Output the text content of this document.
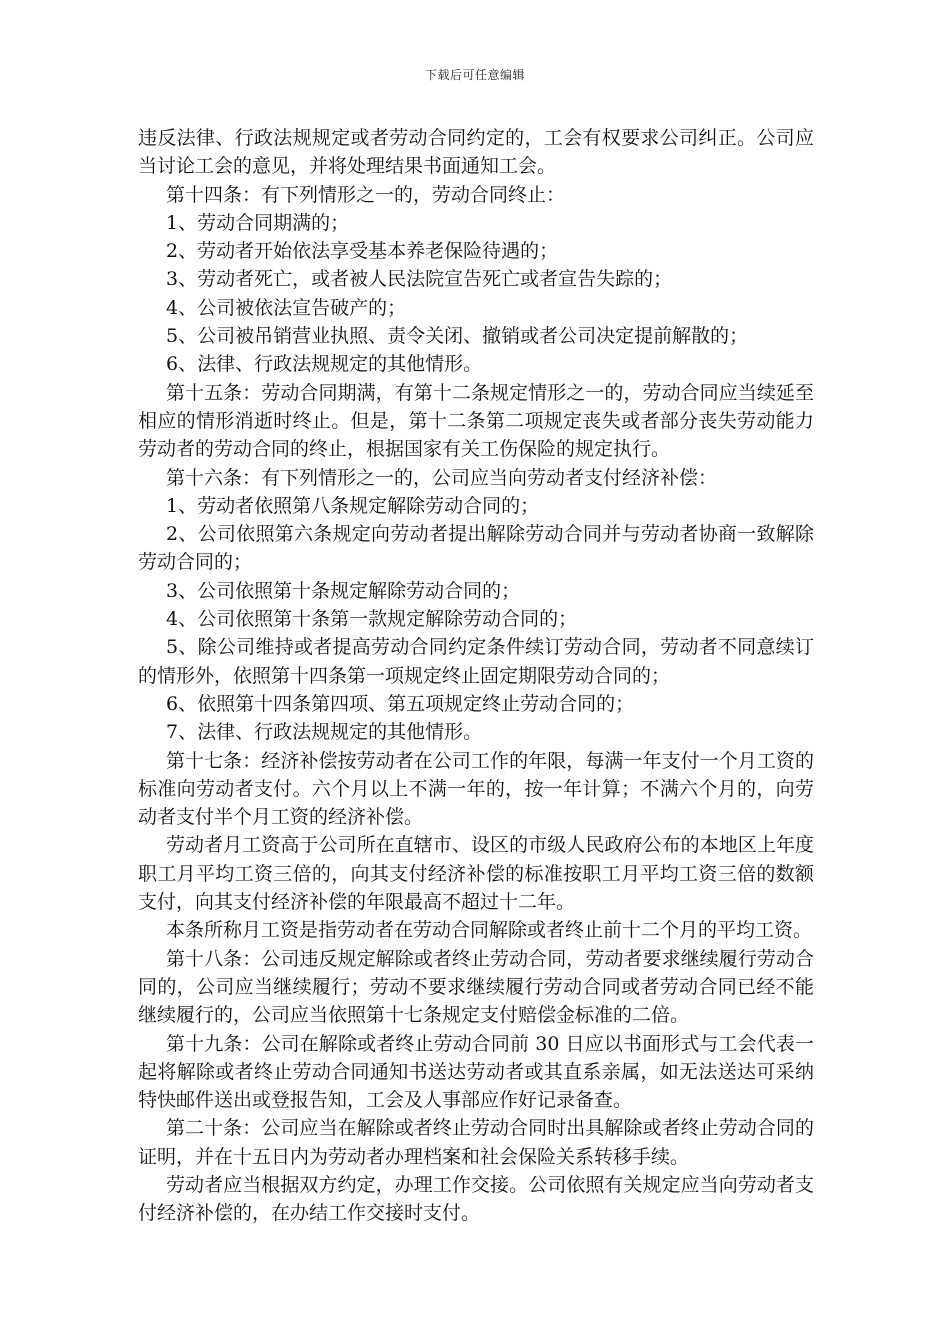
下载后可任意编辑

违反法律、行政法规规定或者劳动合同约定的，工会有权要求公司纠正。公司应当讨论工会的意见，并将处理结果书面通知工会。

第十四条：有下列情形之一的，劳动合同终止：

1、劳动合同期满的；

2、劳动者开始依法享受基本养老保险待遇的；

3、劳动者死亡，或者被人民法院宣告死亡或者宣告失踪的；

4、公司被依法宣告破产的；

5、公司被吊销营业执照、责令关闭、撤销或者公司决定提前解散的；

6、法律、行政法规规定的其他情形。

第十五条：劳动合同期满，有第十二条规定情形之一的，劳动合同应当续延至相应的情形消逝时终止。但是，第十二条第二项规定丧失或者部分丧失劳动能力劳动者的劳动合同的终止，根据国家有关工伤保险的规定执行。

第十六条：有下列情形之一的，公司应当向劳动者支付经济补偿：

1、劳动者依照第八条规定解除劳动合同的；

2、公司依照第六条规定向劳动者提出解除劳动合同并与劳动者协商一致解除劳动合同的；

3、公司依照第十条规定解除劳动合同的；

4、公司依照第十条第一款规定解除劳动合同的；

5、除公司维持或者提高劳动合同约定条件续订劳动合同，劳动者不同意续订的情形外，依照第十四条第一项规定终止固定期限劳动合同的；

6、依照第十四条第四项、第五项规定终止劳动合同的；

7、法律、行政法规规定的其他情形。

第十七条：经济补偿按劳动者在公司工作的年限，每满一年支付一个月工资的标准向劳动者支付。六个月以上不满一年的，按一年计算；不满六个月的，向劳动者支付半个月工资的经济补偿。

劳动者月工资高于公司所在直辖市、设区的市级人民政府公布的本地区上年度职工月平均工资三倍的，向其支付经济补偿的标准按职工月平均工资三倍的数额支付，向其支付经济补偿的年限最高不超过十二年。

本条所称月工资是指劳动者在劳动合同解除或者终止前十二个月的平均工资。

第十八条：公司违反规定解除或者终止劳动合同，劳动者要求继续履行劳动合同的，公司应当继续履行；劳动不要求继续履行劳动合同或者劳动合同已经不能继续履行的，公司应当依照第十七条规定支付赔偿金标准的二倍。

第十九条：公司在解除或者终止劳动合同前 30 日应以书面形式与工会代表一起将解除或者终止劳动合同通知书送达劳动者或其直系亲属，如无法送达可采纳特快邮件送出或登报告知，工会及人事部应作好记录备查。

第二十条：公司应当在解除或者终止劳动合同时出具解除或者终止劳动合同的证明，并在十五日内为劳动者办理档案和社会保险关系转移手续。

劳动者应当根据双方约定，办理工作交接。公司依照有关规定应当向劳动者支付经济补偿的，在办结工作交接时支付。
